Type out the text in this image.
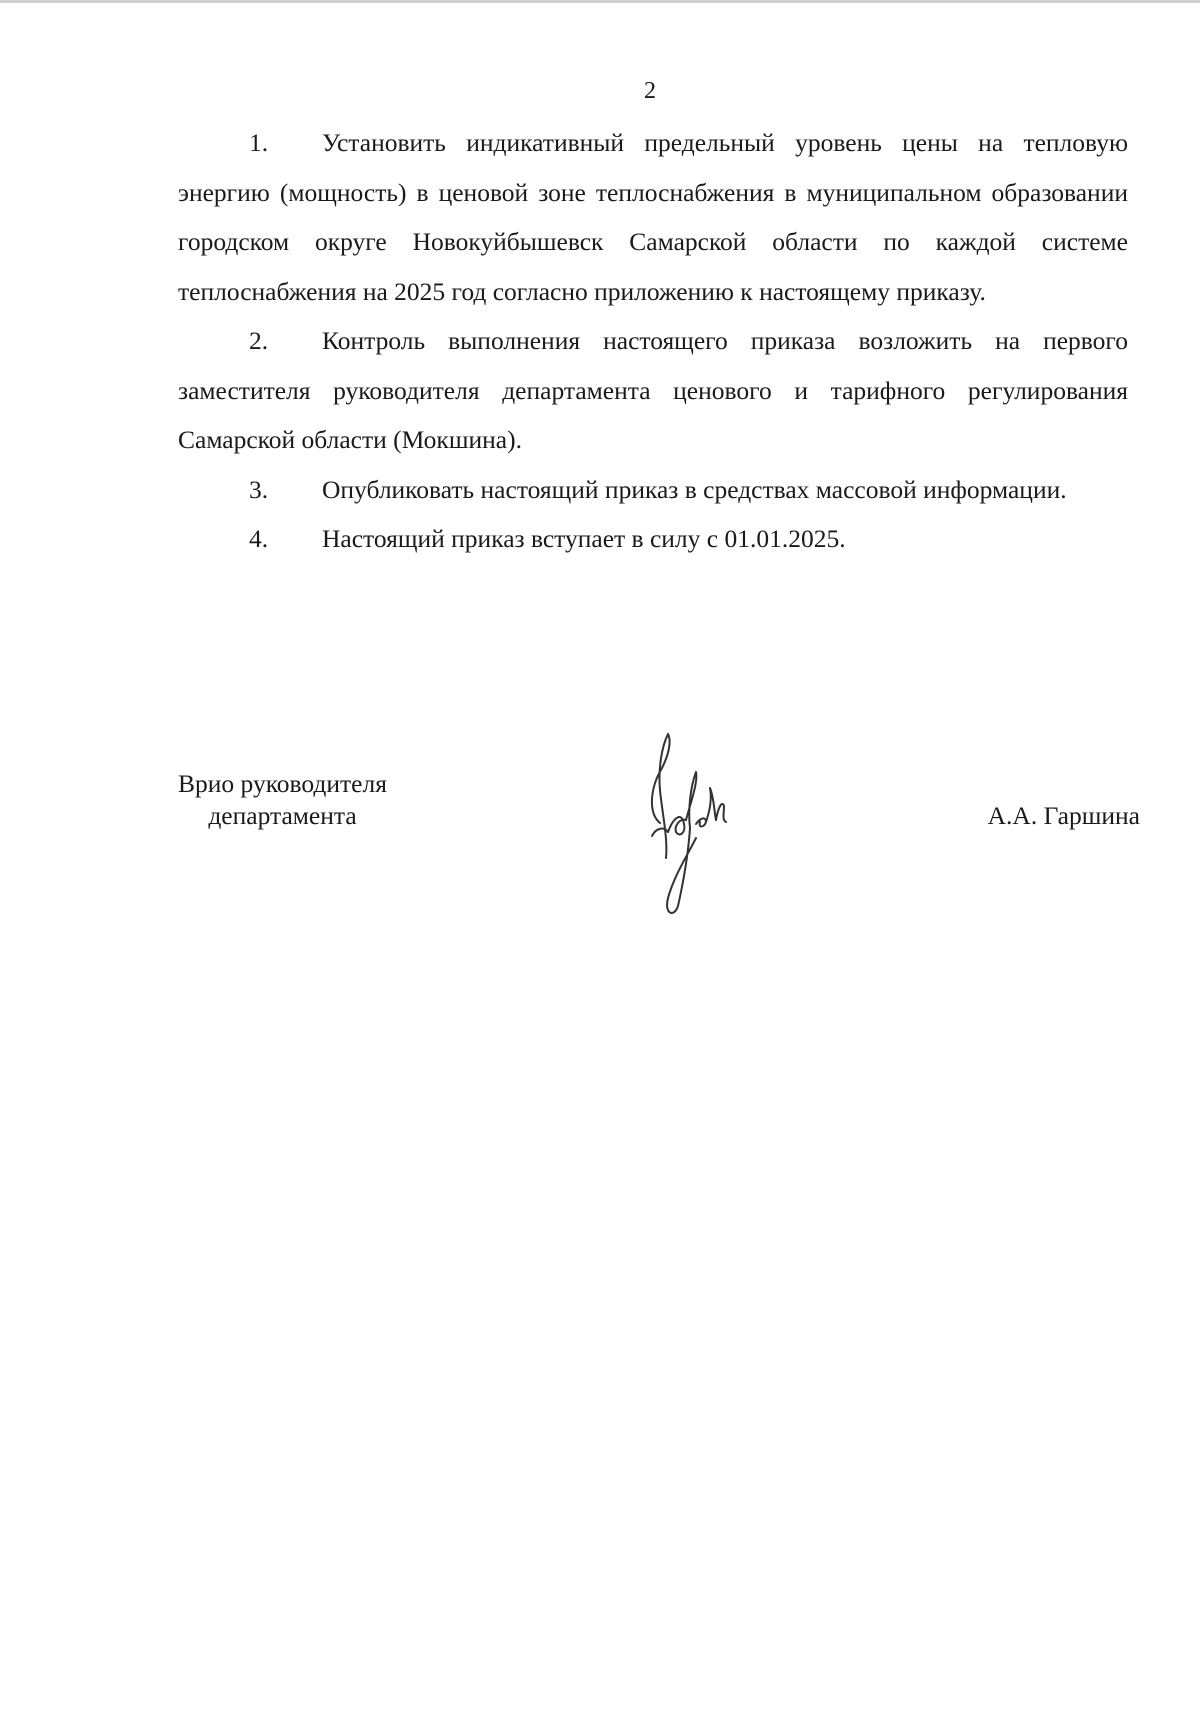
2

1. Установить индикативный предельный уровень цены на тепловую энергию (мощность) в ценовой зоне теплоснабжения в муниципальном образовании городском округе Новокуйбышевск Самарской области по каждой системе теплоснабжения на 2025 год согласно приложению к настоящему приказу.

2. Контроль выполнения настоящего приказа возложить на первого заместителя руководителя департамента ценового и тарифного регулирования Самарской области (Мокшина).

3. Опубликовать настоящий приказ в средствах массовой информации.

4. Настоящий приказ вступает в силу с 01.01.2025.

Врио руководителя
департамента	А.А. Гаршина
